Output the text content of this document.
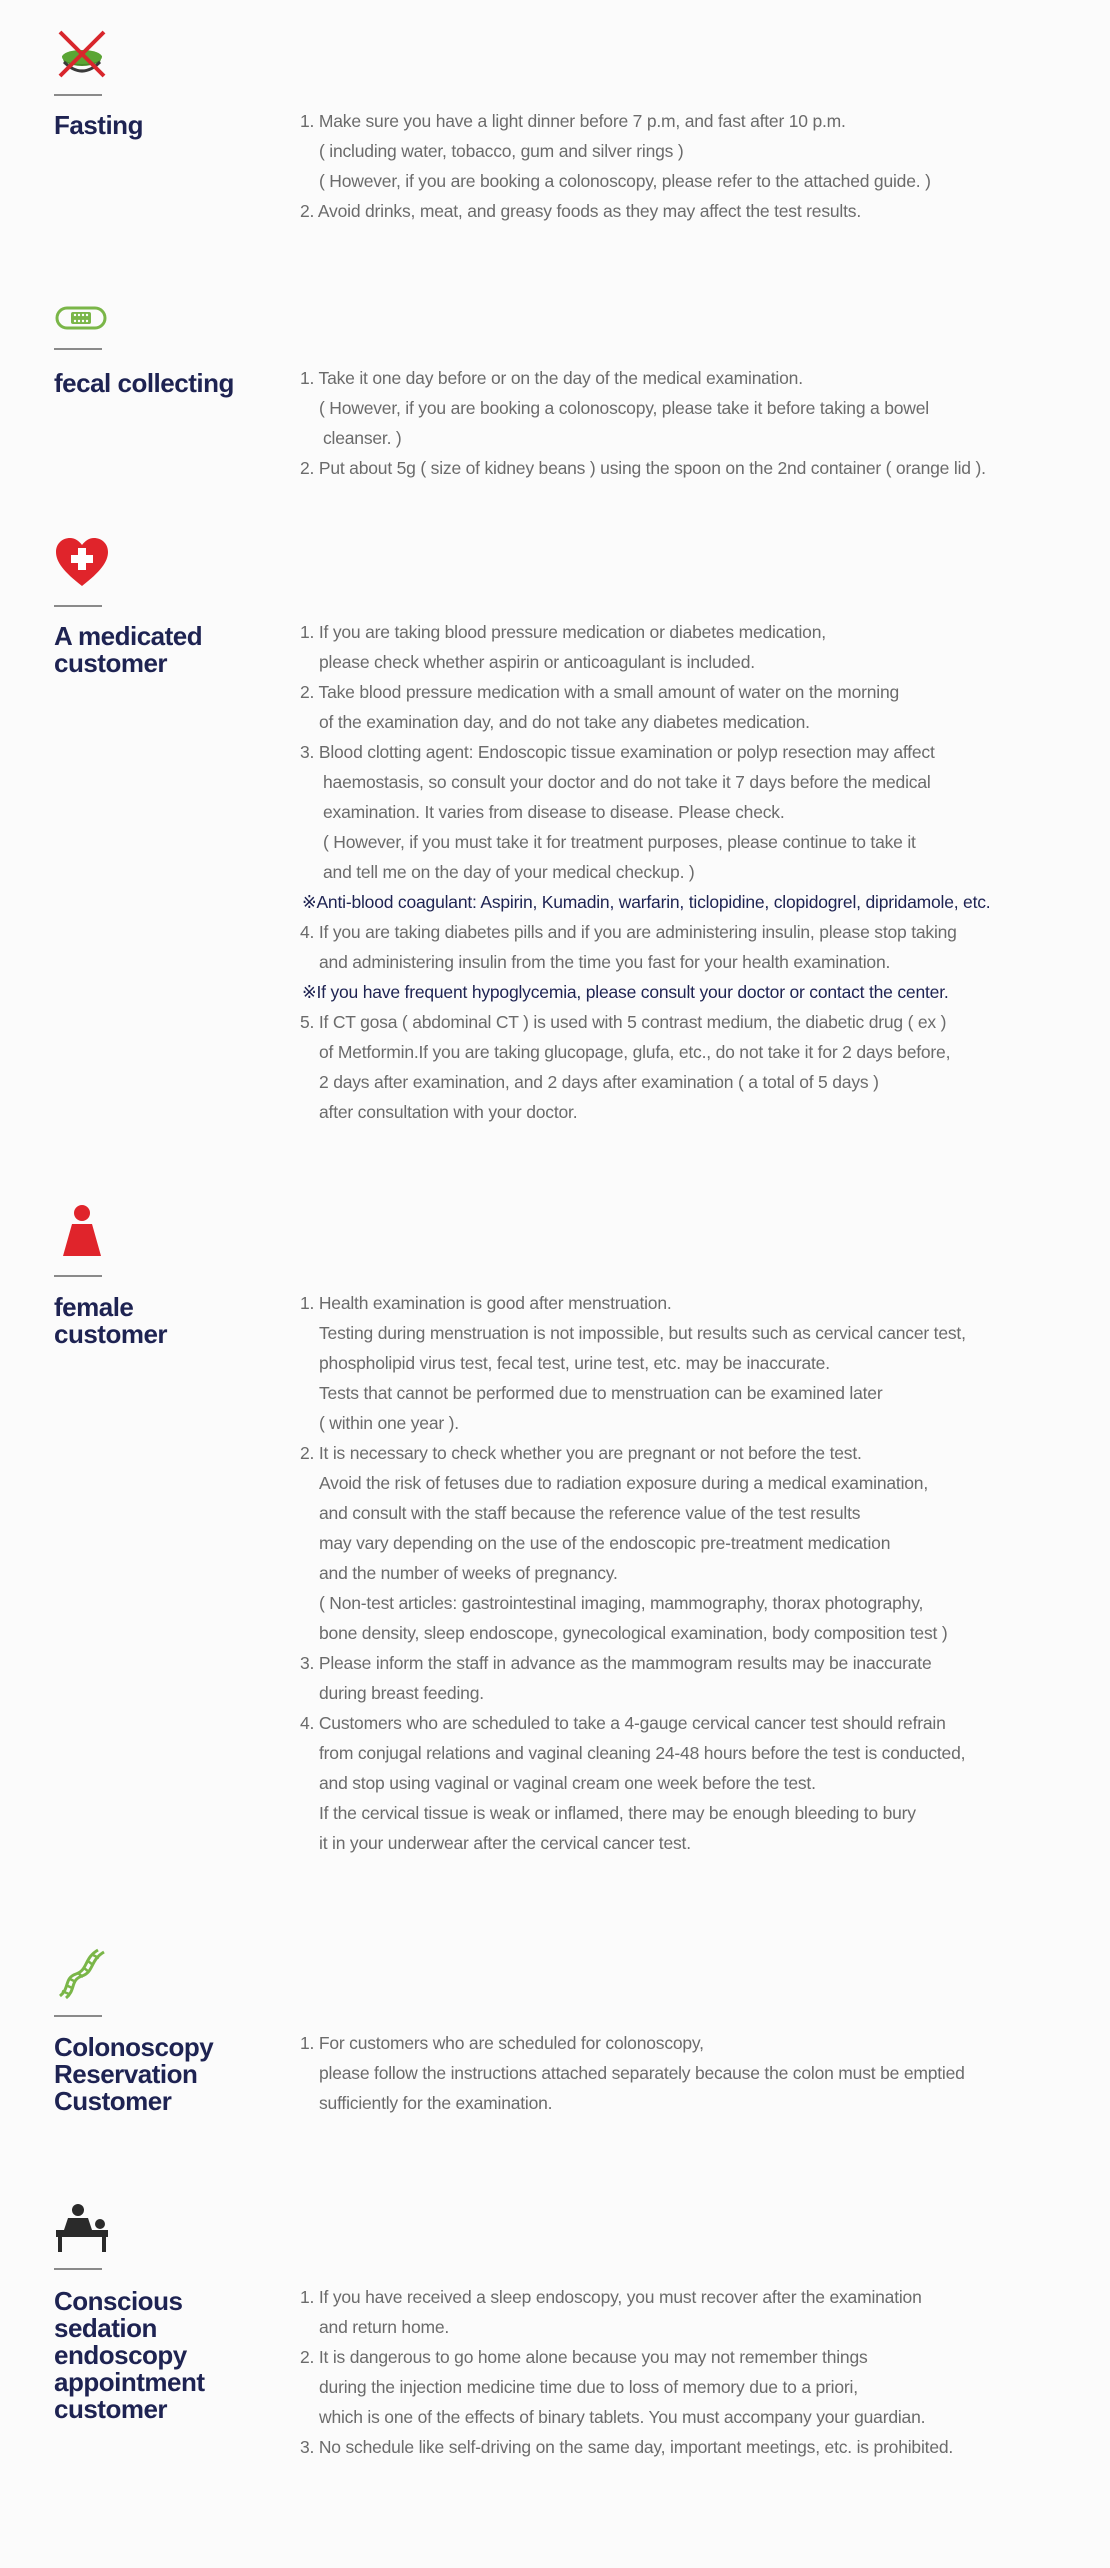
Fasting	1. Make sure you have a light dinner before 7 p.m, and fast after 10 p.m.
( including water, tobacco, gum and silver rings )
( However, if you are booking a colonoscopy, please refer to the attached guide. )
2. Avoid drinks, meat, and greasy foods as they may affect the test results.
fecal collecting	1. Take it one day before or on the day of the medical examination.
( However, if you are booking a colonoscopy, please take it before taking a bowel
cleanser. )
2. Put about 5g ( size of kidney beans ) using the spoon on the 2nd container ( orange lid ).
A medicated
customer
1. If you are taking blood pressure medication or diabetes medication,
please check whether aspirin or anticoagulant is included.
2. Take blood pressure medication with a small amount of water on the morning
of the examination day, and do not take any diabetes medication.
3. Blood clotting agent: Endoscopic tissue examination or polyp resection may affect
haemostasis, so consult your doctor and do not take it 7 days before the medical
examination. It varies from disease to disease. Please check.
( However, if you must take it for treatment purposes, please continue to take it
and tell me on the day of your medical checkup. )
※Anti-blood coagulant: Aspirin, Kumadin, warfarin, ticlopidine, clopidogrel, dipridamole, etc.
4. If you are taking diabetes pills and if you are administering insulin, please stop taking
and administering insulin from the time you fast for your health examination.
※If you have frequent hypoglycemia, please consult your doctor or contact the center.
5. If CT gosa ( abdominal CT ) is used with 5 contrast medium, the diabetic drug ( ex )
of Metformin.If you are taking glucopage, glufa, etc., do not take it for 2 days before,
2 days after examination, and 2 days after examination ( a total of 5 days )
after consultation with your doctor.
female
customer
1. Health examination is good after menstruation.
Testing during menstruation is not impossible, but results such as cervical cancer test,
phospholipid virus test, fecal test, urine test, etc. may be inaccurate.
Tests that cannot be performed due to menstruation can be examined later
( within one year ).
2. It is necessary to check whether you are pregnant or not before the test.
Avoid the risk of fetuses due to radiation exposure during a medical examination,
and consult with the staff because the reference value of the test results
may vary depending on the use of the endoscopic pre-treatment medication
and the number of weeks of pregnancy.
( Non-test articles: gastrointestinal imaging, mammography, thorax photography,
bone density, sleep endoscope, gynecological examination, body composition test )
3. Please inform the staff in advance as the mammogram results may be inaccurate
during breast feeding.
4. Customers who are scheduled to take a 4-gauge cervical cancer test should refrain
from conjugal relations and vaginal cleaning 24-48 hours before the test is conducted,
and stop using vaginal or vaginal cream one week before the test.
If the cervical tissue is weak or inflamed, there may be enough bleeding to bury
it in your underwear after the cervical cancer test.
Colonoscopy
Reservation
Customer
1. For customers who are scheduled for colonoscopy,
please follow the instructions attached separately because the colon must be emptied
sufficiently for the examination.
Conscious
sedation
endoscopy
appointment
customer
1. If you have received a sleep endoscopy, you must recover after the examination
and return home.
2. It is dangerous to go home alone because you may not remember things
during the injection medicine time due to loss of memory due to a priori,
which is one of the effects of binary tablets. You must accompany your guardian.
3. No schedule like self-driving on the same day, important meetings, etc. is prohibited.
